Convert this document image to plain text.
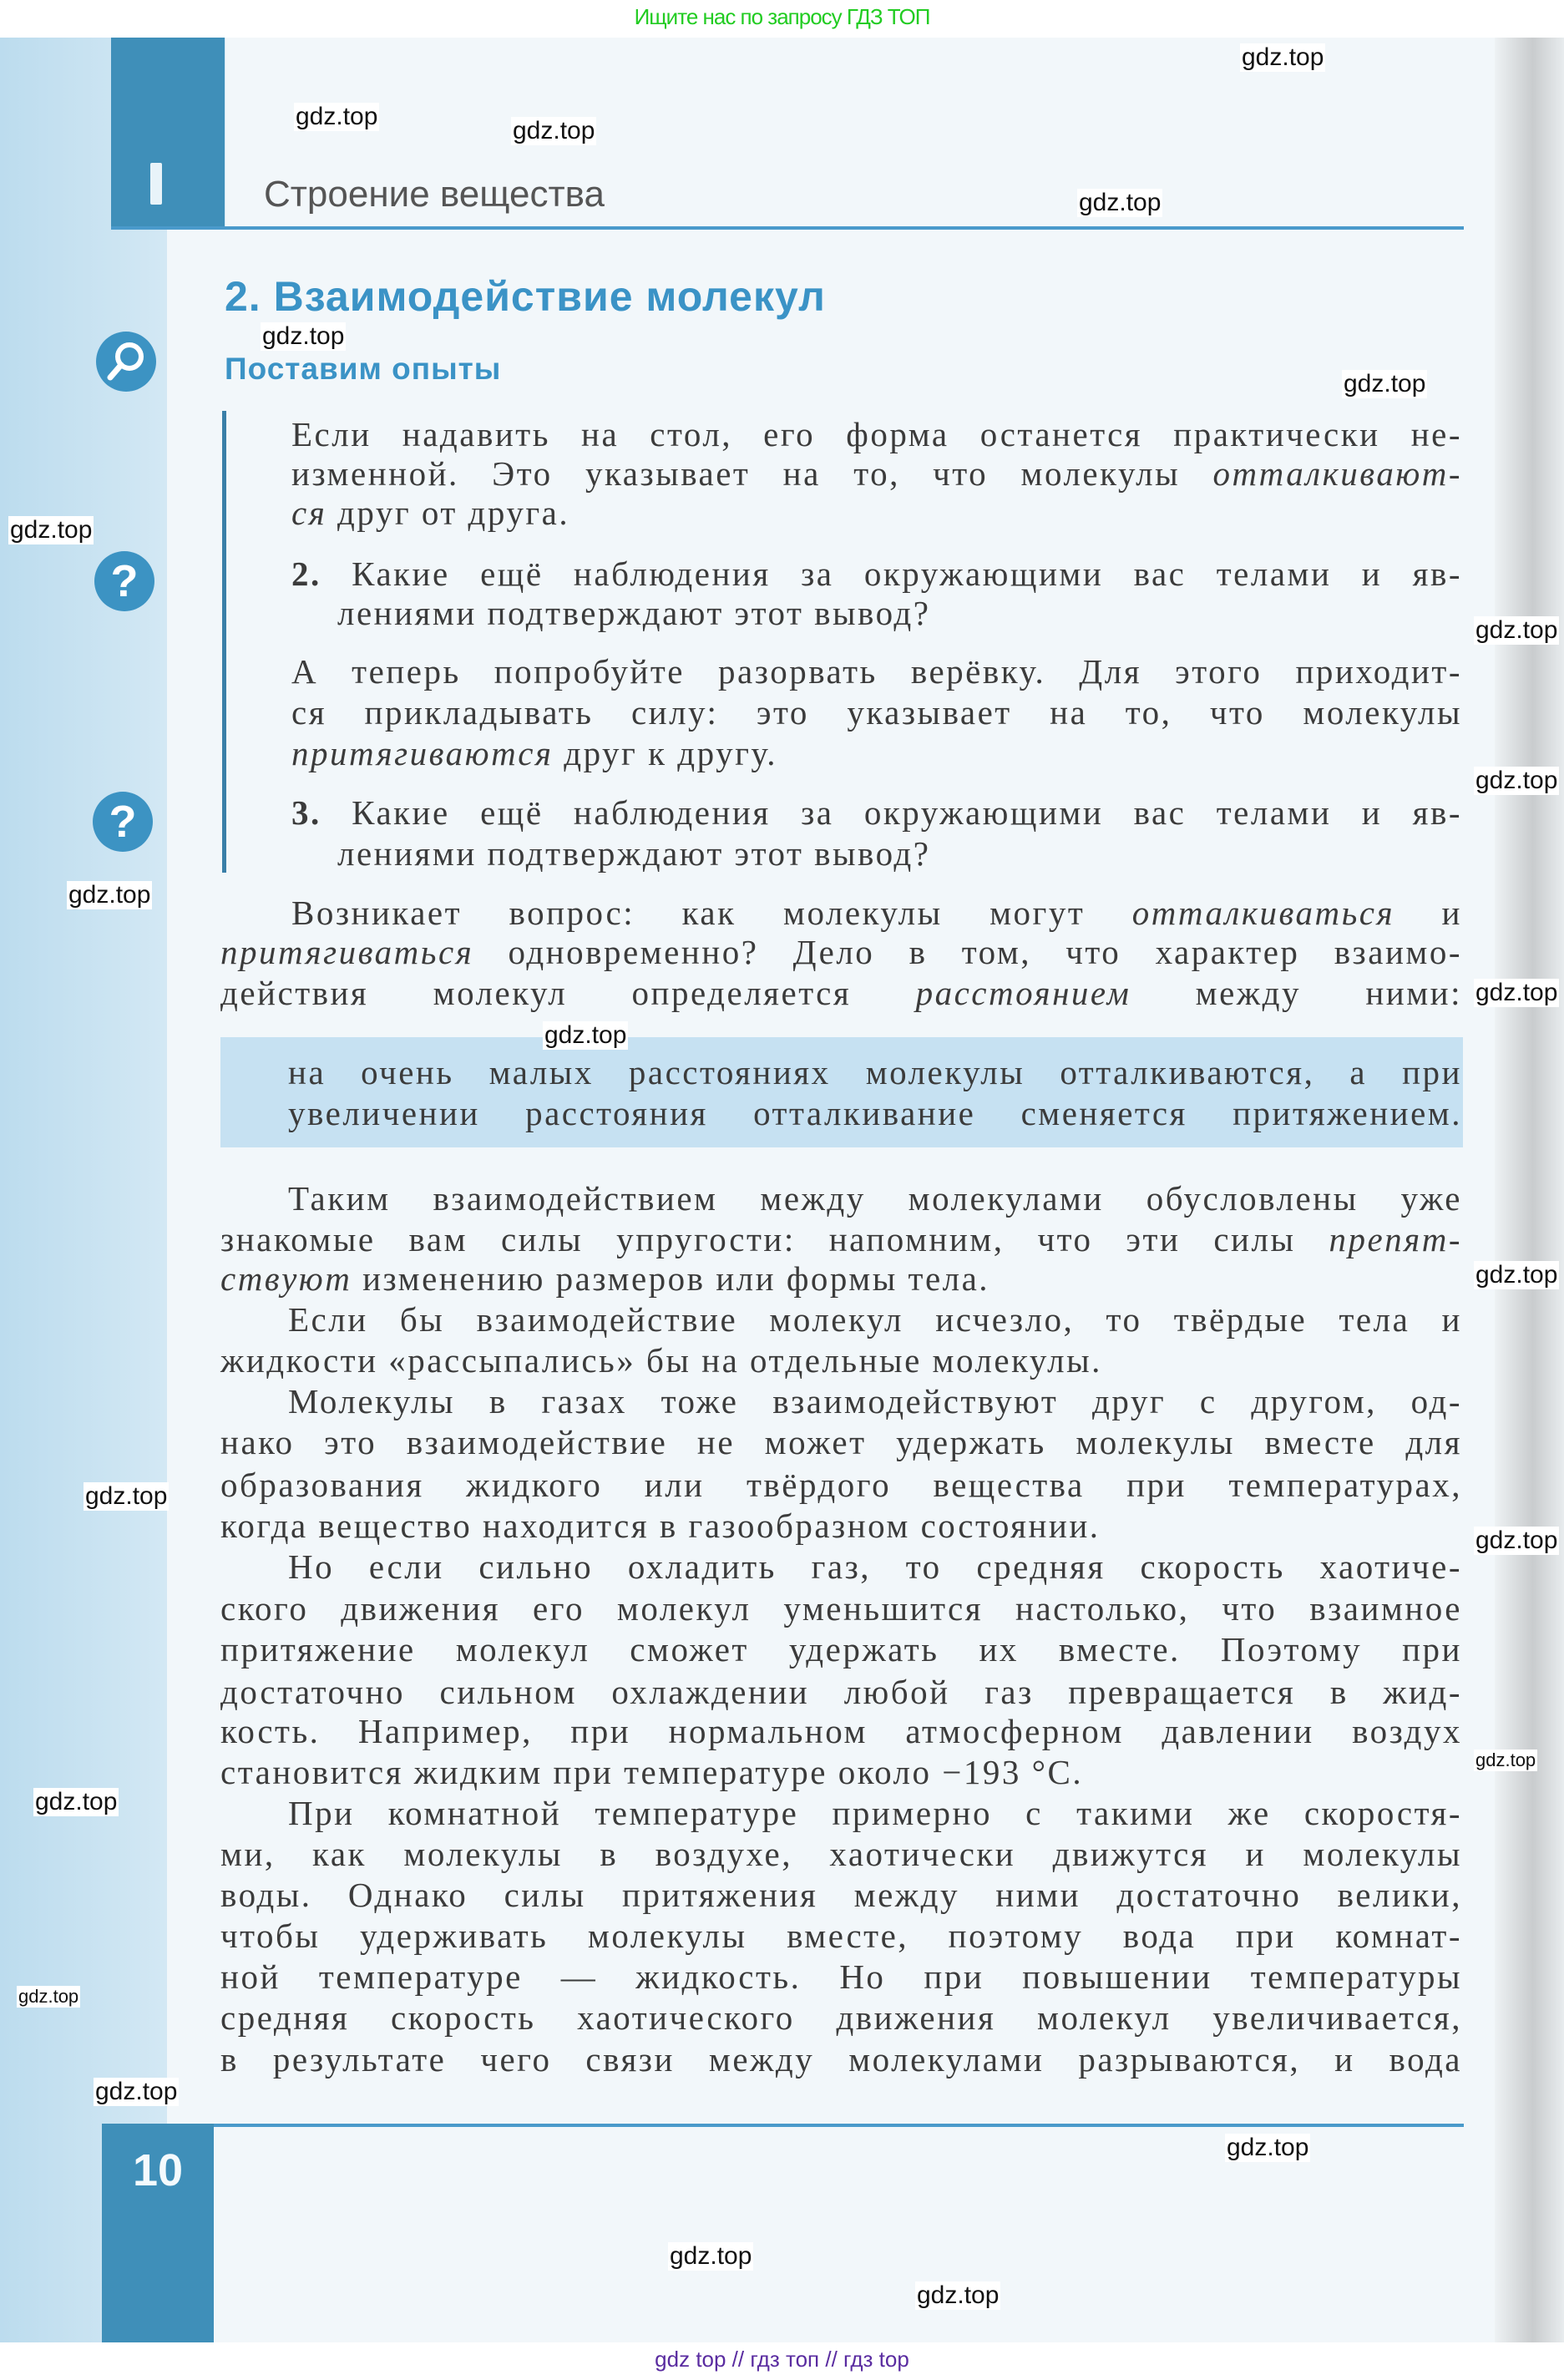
Ищите нас по запросу ГДЗ ТОП
Строение вещества
2. Взаимодействие молекул
Поставим опыты
?
?
Если надавить на стол, его форма останется практически не-
изменной. Это указывает на то, что молекулы отталкивают-
ся друг от друга.
2. Какие ещё наблюдения за окружающими вас телами и яв-
лениями подтверждают этот вывод?
А теперь попробуйте разорвать верёвку. Для этого приходит-
ся прикладывать силу: это указывает на то, что молекулы
притягиваются друг к другу.
3. Какие ещё наблюдения за окружающими вас телами и яв-
лениями подтверждают этот вывод?
Возникает вопрос: как молекулы могут отталкиваться и
притягиваться одновременно? Дело в том, что характер взаимо-
действия молекул определяется расстоянием между ними:
на очень малых расстояниях молекулы отталкиваются, а при
увеличении расстояния отталкивание сменяется притяжением.
Таким взаимодействием между молекулами обусловлены уже
знакомые вам силы упругости: напомним, что эти силы препят-
ствуют изменению размеров или формы тела.
Если бы взаимодействие молекул исчезло, то твёрдые тела и
жидкости «рассыпались» бы на отдельные молекулы.
Молекулы в газах тоже взаимодействуют друг с другом, од-
нако это взаимодействие не может удержать молекулы вместе для
образования жидкого или твёрдого вещества при температурах,
когда вещество находится в газообразном состоянии.
Но если сильно охладить газ, то средняя скорость хаотиче-
ского движения его молекул уменьшится настолько, что взаимное
притяжение молекул сможет удержать их вместе. Поэтому при
достаточно сильном охлаждении любой газ превращается в жид-
кость. Например, при нормальном атмосферном давлении воздух
становится жидким при температуре около −193 °С.
При комнатной температуре примерно с такими же скоростя-
ми, как молекулы в воздухе, хаотически движутся и молекулы
воды. Однако силы притяжения между ними достаточно велики,
чтобы удерживать молекулы вместе, поэтому вода при комнат-
ной температуре — жидкость. Но при повышении температуры
средняя скорость хаотического движения молекул увеличивается,
в результате чего связи между молекулами разрываются, и вода
10
gdz top // гдз топ // гдз top
gdz.top
gdz.top
gdz.top
gdz.top
gdz.top
gdz.top
gdz.top
gdz.top
gdz.top
gdz.top
gdz.top
gdz.top
gdz.top
gdz.top
gdz.top
gdz.top
gdz.top
gdz.top
gdz.top
gdz.top
gdz.top
gdz.top
